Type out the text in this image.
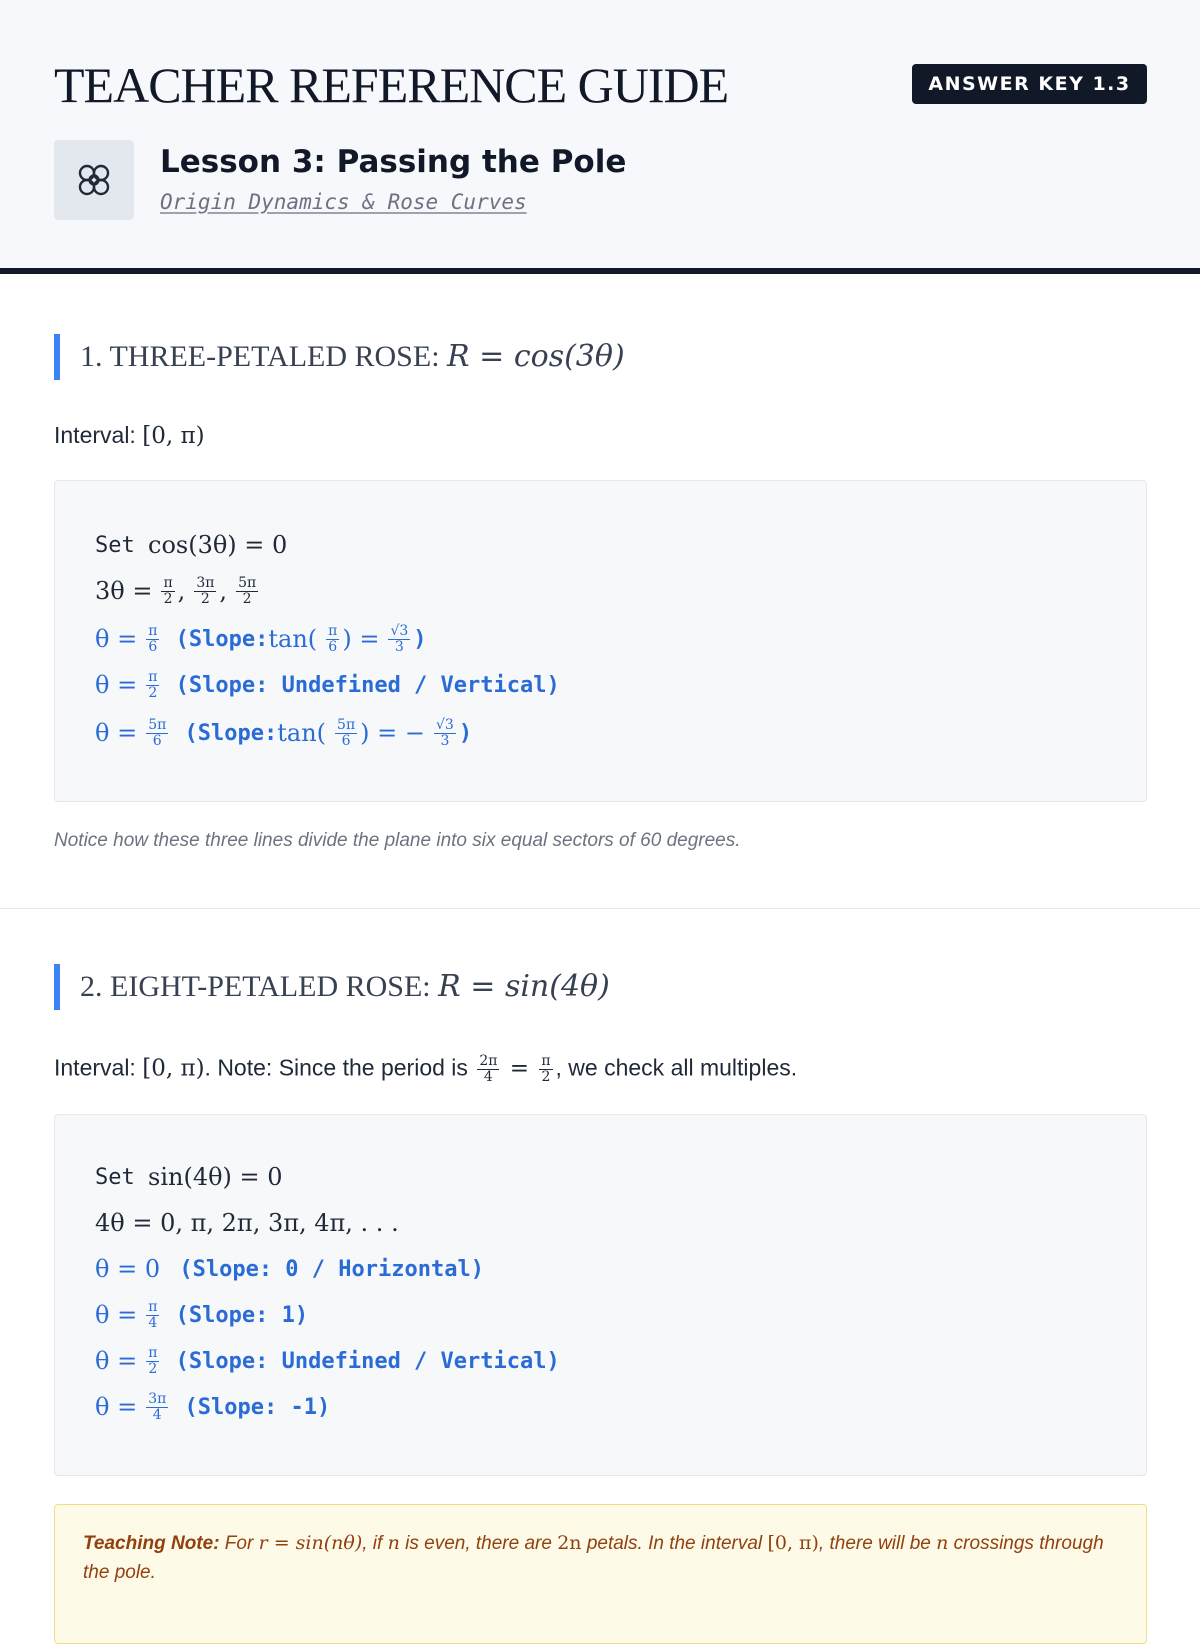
TEACHER REFERENCE GUIDE	ANSWER KEY 1.3
Lesson 3: Passing the Pole
Origin Dynamics & Rose Curves
1. THREE-PETALED ROSE: R = cos(3θ)
Interval: [0, π)
Set
cos(3θ) = 0
$3\theta = \frac{\pi}{2}$ , $\frac{3\pi}{2}$ , $\frac{5\pi}{2}$
$\theta = \frac{\pi}{6}$
(Slope: $\tan( \frac{\pi}{6}$ ) = $\frac{√3}{3}$ )
$\theta = \frac{\pi}{2}$
(Slope: Undefined / Vertical)
$\theta = \frac{5\pi}{6}$
(Slope: $\tan( \frac{5\pi}{6}$ ) = − $\frac{√3}{3}$ )
Notice how these three lines divide the plane into six equal sectors of 60 degrees.
2. EIGHT-PETALED ROSE: R = sin(4θ)
Interval: [0, π). Note: Since the period is $\frac{2\pi}{4} = \frac{\pi}{2}$ , we check all multiples.
Set
sin(4θ) = 0
4θ = 0, π, 2π, 3π, 4π, . . .
θ = 0
(Slope: 0 / Horizontal)
$\theta = \frac{\pi}{4}$
(Slope: 1)
$\theta = \frac{\pi}{2}$
(Slope: Undefined / Vertical)
$\theta = \frac{3\pi}{4}$
(Slope: -1)
Teaching Note: For r = sin(nθ), if n is even, there are 2n petals. In the interval [0, π), there will be n crossings through the pole.
